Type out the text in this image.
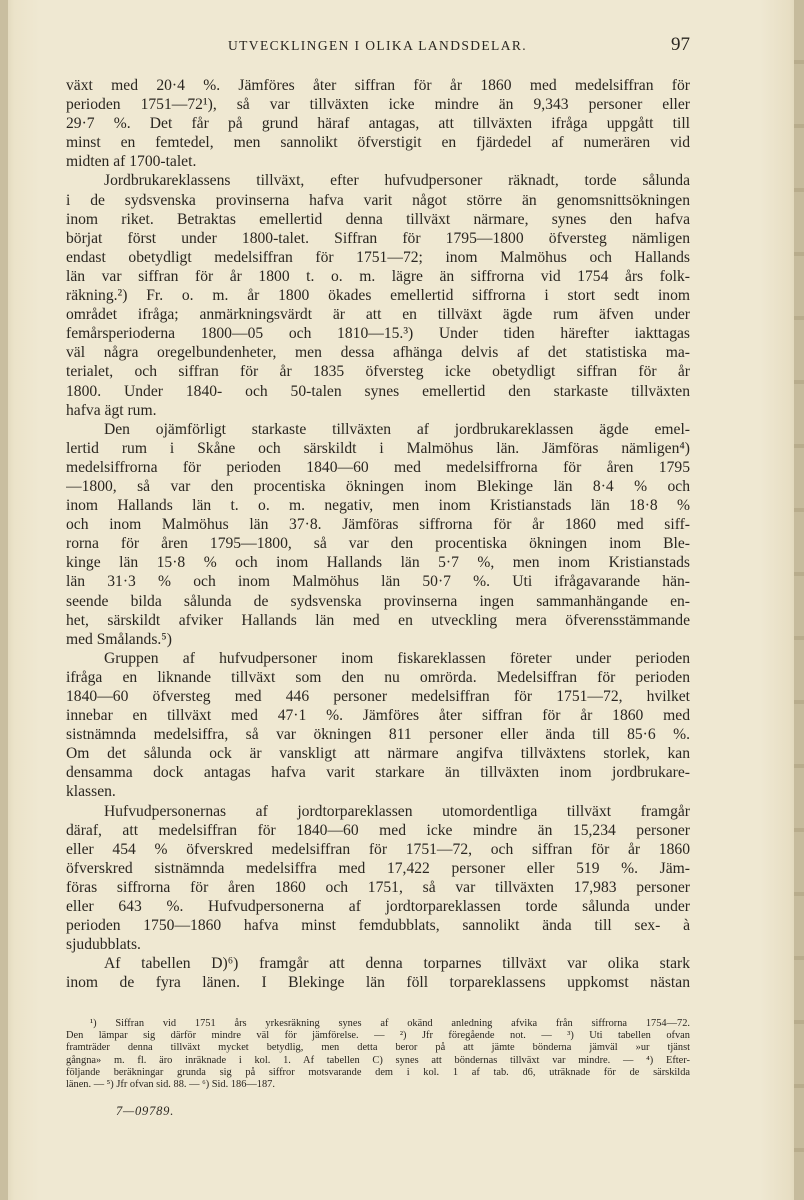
UTVECKLINGEN I OLIKA LANDSDELAR.	97
växt med 20·4 %. Jämföres åter siffran för år 1860 med medelsiffran för
perioden 1751—72¹), så var tillväxten icke mindre än 9,343 personer eller
29·7 %. Det får på grund häraf antagas, att tillväxten ifråga uppgått till
minst en femtedel, men sannolikt öfverstigit en fjärdedel af numerären vid
midten af 1700-talet.
Jordbrukareklassens tillväxt, efter hufvudpersoner räknadt, torde sålunda
i de sydsvenska provinserna hafva varit något större än genomsnittsökningen
inom riket. Betraktas emellertid denna tillväxt närmare, synes den hafva
börjat först under 1800-talet. Siffran för 1795—1800 öfversteg nämligen
endast obetydligt medelsiffran för 1751—72; inom Malmöhus och Hallands
län var siffran för år 1800 t. o. m. lägre än siffrorna vid 1754 års folk-
räkning.²) Fr. o. m. år 1800 ökades emellertid siffrorna i stort sedt inom
området ifråga; anmärkningsvärdt är att en tillväxt ägde rum äfven under
femårsperioderna 1800—05 och 1810—15.³) Under tiden härefter iakttagas
väl några oregelbundenheter, men dessa afhänga delvis af det statistiska ma-
terialet, och siffran för år 1835 öfversteg icke obetydligt siffran för år
1800. Under 1840- och 50-talen synes emellertid den starkaste tillväxten
hafva ägt rum.
Den ojämförligt starkaste tillväxten af jordbrukareklassen ägde emel-
lertid rum i Skåne och särskildt i Malmöhus län. Jämföras nämligen⁴)
medelsiffrorna för perioden 1840—60 med medelsiffrorna för åren 1795
—1800, så var den procentiska ökningen inom Blekinge län 8·4 % och
inom Hallands län t. o. m. negativ, men inom Kristianstads län 18·8 %
och inom Malmöhus län 37·8. Jämföras siffrorna för år 1860 med siff-
rorna för åren 1795—1800, så var den procentiska ökningen inom Ble-
kinge län 15·8 % och inom Hallands län 5·7 %, men inom Kristianstads
län 31·3 % och inom Malmöhus län 50·7 %. Uti ifrågavarande hän-
seende bilda sålunda de sydsvenska provinserna ingen sammanhängande en-
het, särskildt afviker Hallands län med en utveckling mera öfverensstämmande
med Smålands.⁵)
Gruppen af hufvudpersoner inom fiskareklassen företer under perioden
ifråga en liknande tillväxt som den nu omrörda. Medelsiffran för perioden
1840—60 öfversteg med 446 personer medelsiffran för 1751—72, hvilket
innebar en tillväxt med 47·1 %. Jämföres åter siffran för år 1860 med
sistnämnda medelsiffra, så var ökningen 811 personer eller ända till 85·6 %.
Om det sålunda ock är vanskligt att närmare angifva tillväxtens storlek, kan
densamma dock antagas hafva varit starkare än tillväxten inom jordbrukare-
klassen.
Hufvudpersonernas af jordtorpareklassen utomordentliga tillväxt framgår
däraf, att medelsiffran för 1840—60 med icke mindre än 15,234 personer
eller 454 % öfverskred medelsiffran för 1751—72, och siffran för år 1860
öfverskred sistnämnda medelsiffra med 17,422 personer eller 519 %. Jäm-
föras siffrorna för åren 1860 och 1751, så var tillväxten 17,983 personer
eller 643 %. Hufvudpersonerna af jordtorpareklassen torde sålunda under
perioden 1750—1860 hafva minst femdubblats, sannolikt ända till sex- à
sjudubblats.
Af tabellen D)⁶) framgår att denna torparnes tillväxt var olika stark
inom de fyra länen. I Blekinge län föll torpareklassens uppkomst nästan
¹) Siffran vid 1751 års yrkesräkning synes af okänd anledning afvika från siffrorna 1754—72.
Den lämpar sig därför mindre väl för jämförelse. — ²) Jfr föregående not. — ³) Uti tabellen ofvan
framträder denna tillväxt mycket betydlig, men detta beror på att jämte bönderna jämväl »ur tjänst
gångna» m. fl. äro inräknade i kol. 1. Af tabellen C) synes att böndernas tillväxt var mindre. — ⁴) Efter-
följande beräkningar grunda sig på siffror motsvarande dem i kol. 1 af tab. d6, uträknade för de särskilda
länen. — ⁵) Jfr ofvan sid. 88. — ⁶) Sid. 186—187.
7—09789.
